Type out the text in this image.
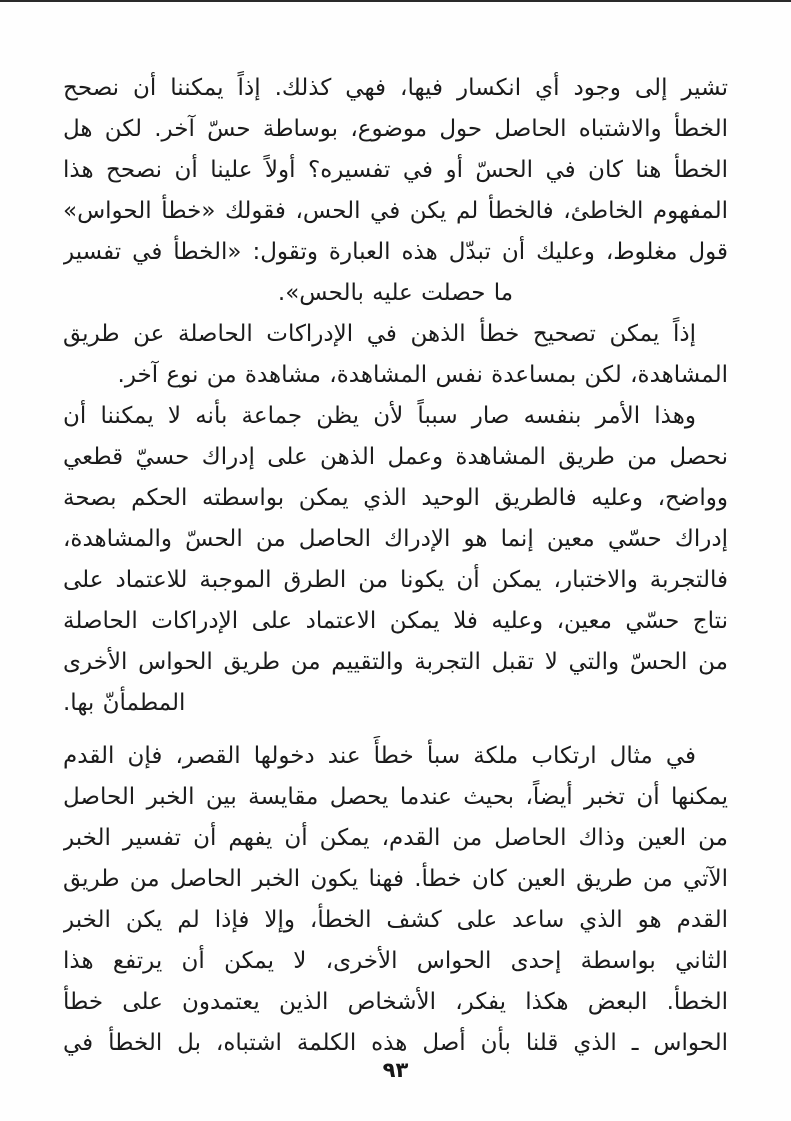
تشير إلى وجود أي انكسار فيها، فهي كذلك. إذاً يمكننا أن نصحح
الخطأ والاشتباه الحاصل حول موضوع، بوساطة حسّ آخر. لكن هل
الخطأ هنا كان في الحسّ أو في تفسيره؟ أولاً علينا أن نصحح هذا
المفهوم الخاطئ، فالخطأ لم يكن في الحس، فقولك «خطأ الحواس»
قول مغلوط، وعليك أن تبدّل هذه العبارة وتقول: «الخطأ في تفسير
ما حصلت عليه بالحس».
إذاً يمكن تصحيح خطأ الذهن في الإدراكات الحاصلة عن طريق
المشاهدة، لكن بمساعدة نفس المشاهدة، مشاهدة من نوع آخر.
وهذا الأمر بنفسه صار سبباً لأن يظن جماعة بأنه لا يمكننا أن
نحصل من طريق المشاهدة وعمل الذهن على إدراك حسيّ قطعي
وواضح، وعليه فالطريق الوحيد الذي يمكن بواسطته الحكم بصحة
إدراك حسّي معين إنما هو الإدراك الحاصل من الحسّ والمشاهدة،
فالتجربة والاختبار، يمكن أن يكونا من الطرق الموجبة للاعتماد على
نتاج حسّي معين، وعليه فلا يمكن الاعتماد على الإدراكات الحاصلة
من الحسّ والتي لا تقبل التجربة والتقييم من طريق الحواس الأخرى
المطمأنّ بها.
في مثال ارتكاب ملكة سبأ خطأً عند دخولها القصر، فإن القدم
يمكنها أن تخبر أيضاً، بحيث عندما يحصل مقايسة بين الخبر الحاصل
من العين وذاك الحاصل من القدم، يمكن أن يفهم أن تفسير الخبر
الآتي من طريق العين كان خطأ. فهنا يكون الخبر الحاصل من طريق
القدم هو الذي ساعد على كشف الخطأ، وإلا فإذا لم يكن الخبر
الثاني بواسطة إحدى الحواس الأخرى، لا يمكن أن يرتفع هذا
الخطأ. البعض هكذا يفكر، الأشخاص الذين يعتمدون على خطأ
الحواس ـ الذي قلنا بأن أصل هذه الكلمة اشتباه، بل الخطأ في
٩٣
